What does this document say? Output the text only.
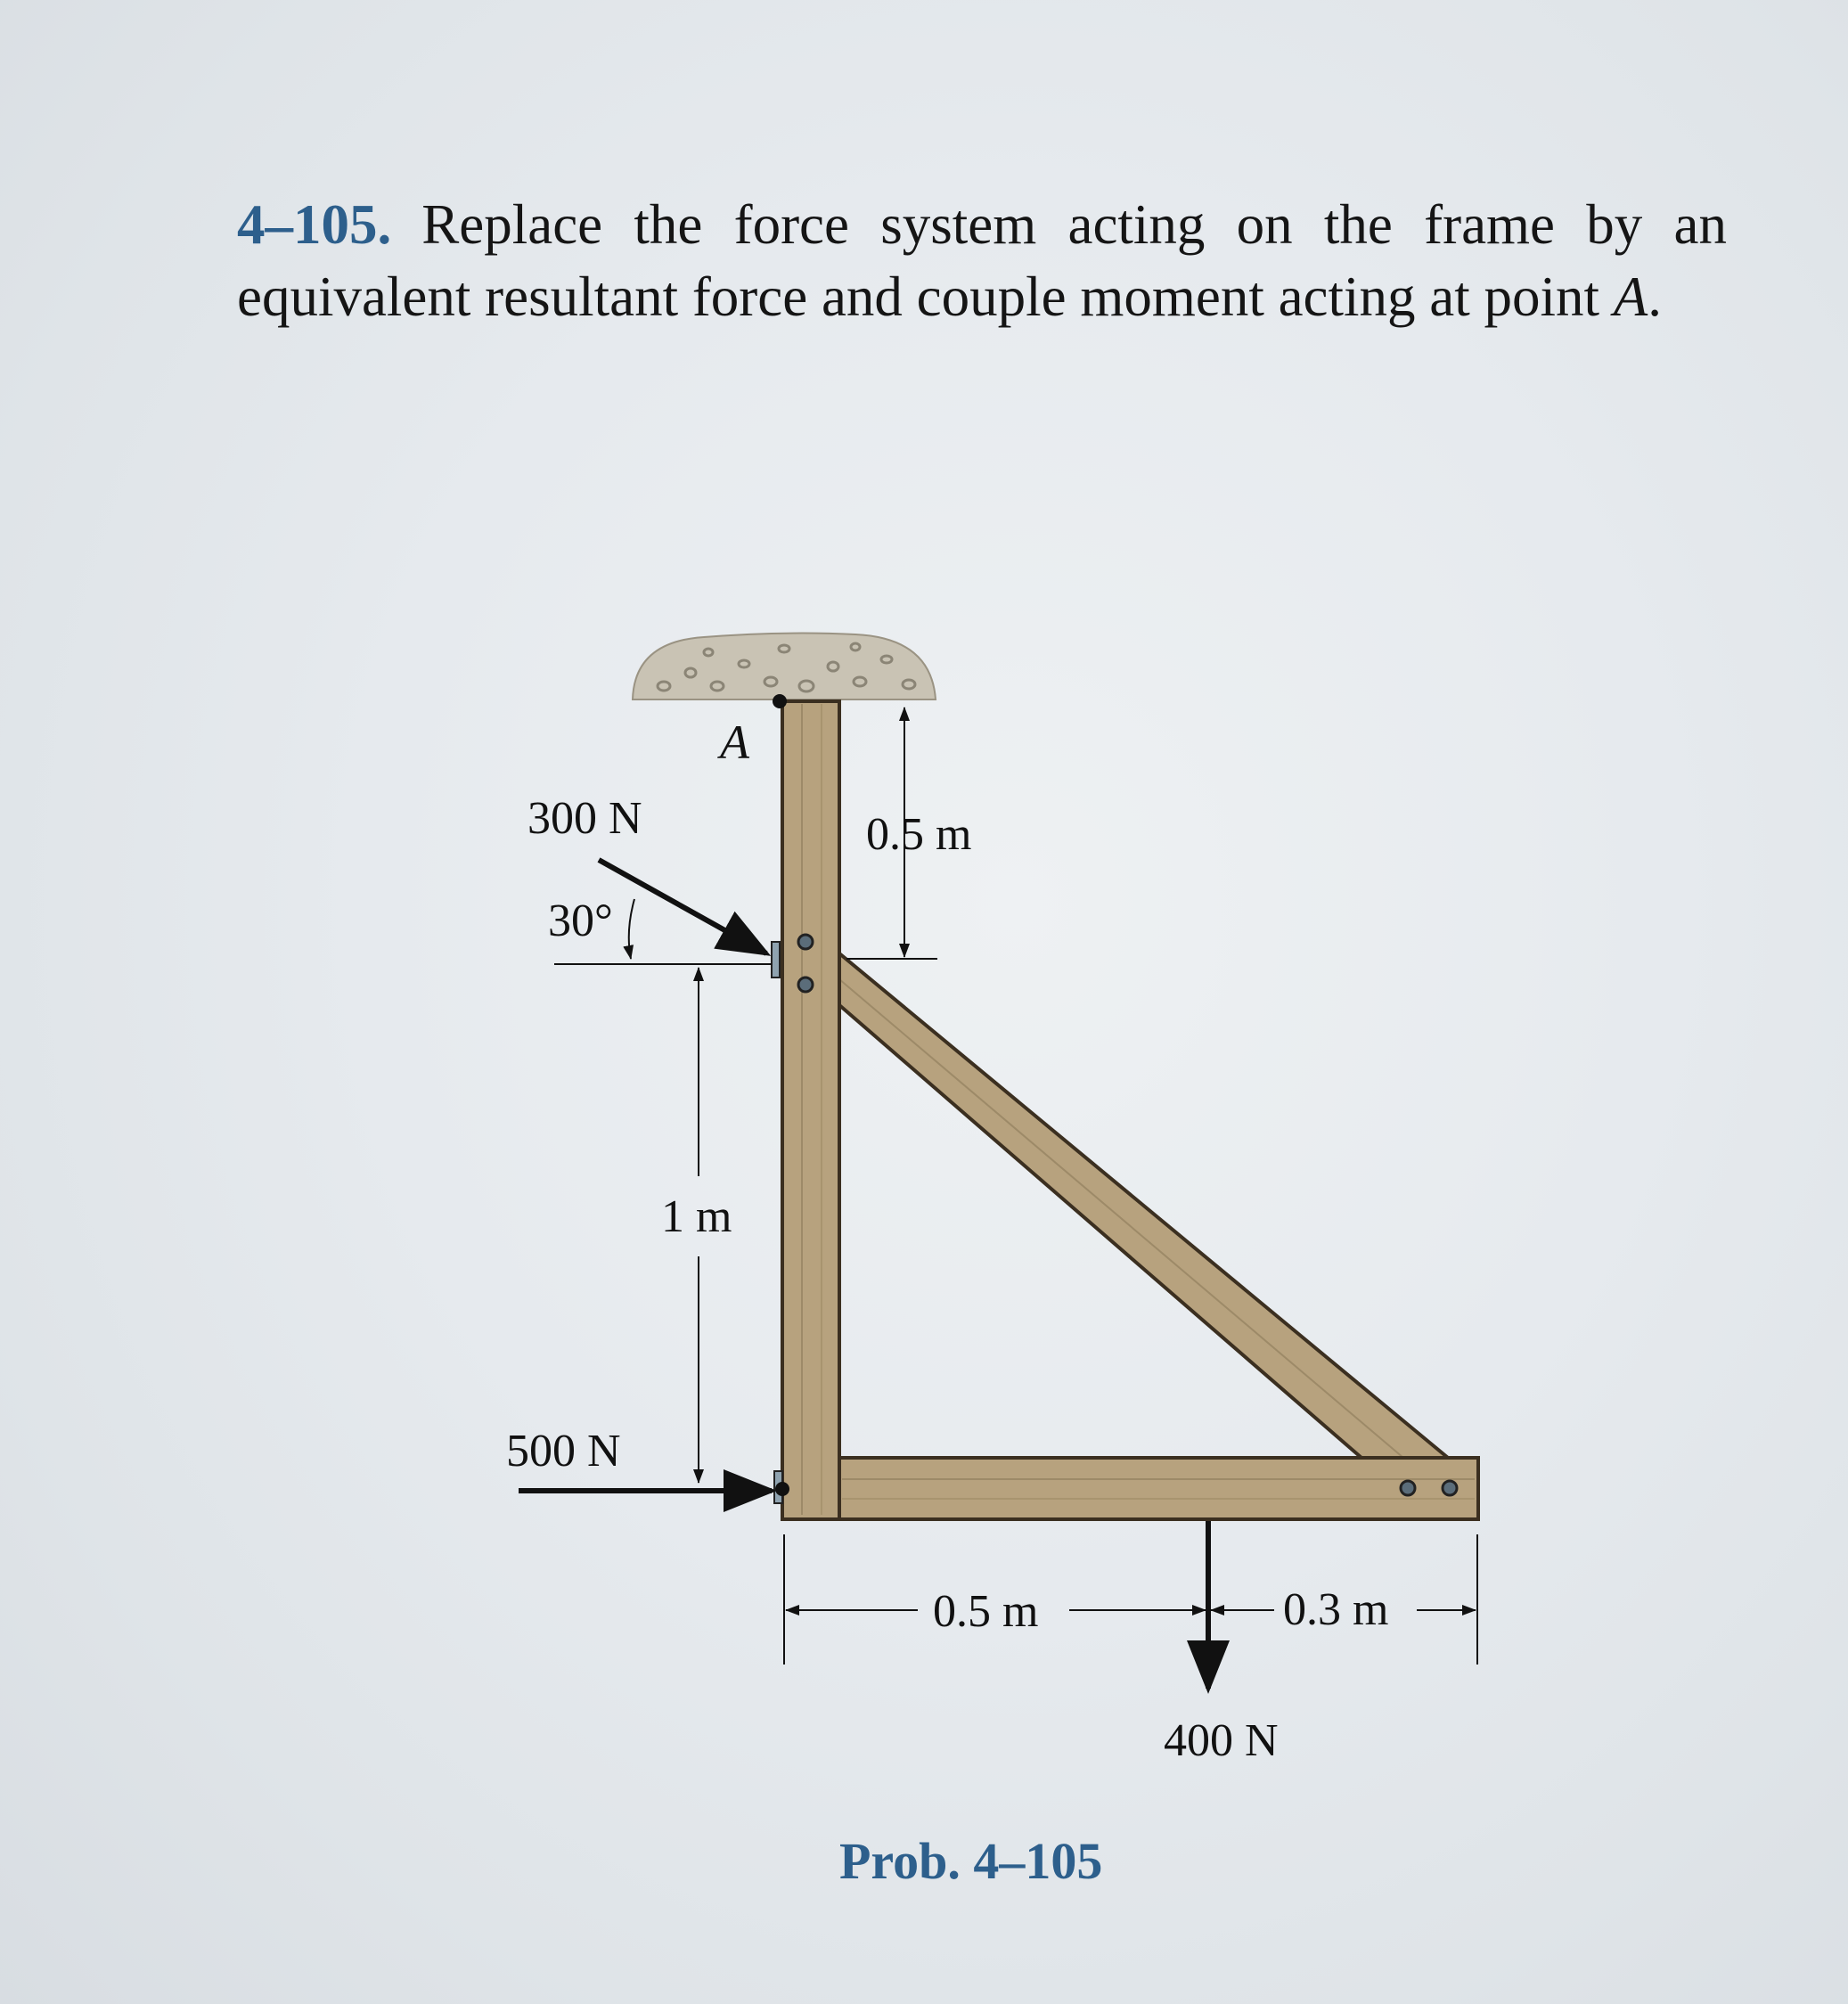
4–105. Replace the force system acting on the frame by an equivalent resultant force and couple moment acting at point A.

A
0.5 m
300 N
30°
1 m
500 N
400 N
0.5 m	0.3 m
Prob. 4–105
